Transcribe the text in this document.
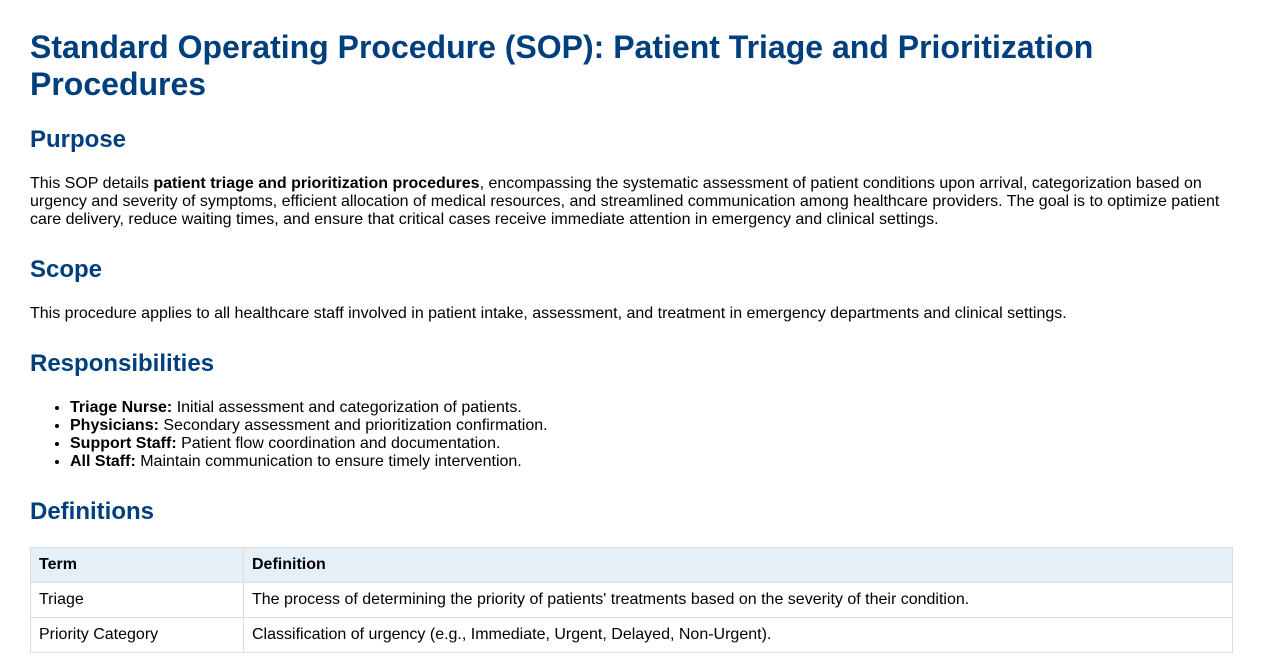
Standard Operating Procedure (SOP): Patient Triage and Prioritization Procedures
Purpose

This SOP details patient triage and prioritization procedures, encompassing the systematic assessment of patient conditions upon arrival, categorization based on urgency and severity of symptoms, efficient allocation of medical resources, and streamlined communication among healthcare providers. The goal is to optimize patient care delivery, reduce waiting times, and ensure that critical cases receive immediate attention in emergency and clinical settings.

Scope

This procedure applies to all healthcare staff involved in patient intake, assessment, and treatment in emergency departments and clinical settings.

Responsibilities
• Triage Nurse: Initial assessment and categorization of patients.
• Physicians: Secondary assessment and prioritization confirmation.
• Support Staff: Patient flow coordination and documentation.
• All Staff: Maintain communication to ensure timely intervention.
Definitions
Term	Definition
Triage	The process of determining the priority of patients' treatments based on the severity of their condition.
Priority Category	Classification of urgency (e.g., Immediate, Urgent, Delayed, Non-Urgent).
